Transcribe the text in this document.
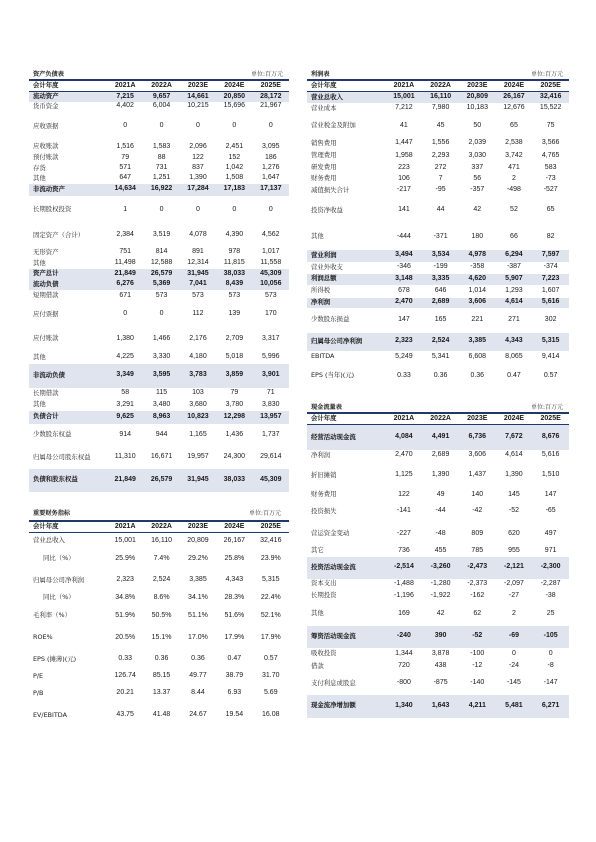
资产负债表	单位:百万元
会计年度	2021A	2022A	2023E	2024E	2025E
流动资产	7,215	9,657	14,661	20,850	28,172
货币资金	4,402	6,004	10,215	15,696	21,967
应收票据	0	0	0	0	0
应收账款	1,516	1,583	2,096	2,451	3,095
预付账款	79	88	122	152	186
存货	571	731	837	1,042	1,276
其他	647	1,251	1,390	1,508	1,647
非流动资产	14,634	16,922	17,284	17,183	17,137
长期股权投资	1	0	0	0	0
固定资产（合计）	2,384	3,519	4,078	4,390	4,562
无形资产	751	814	891	978	1,017
其他	11,498	12,588	12,314	11,815	11,558
资产总计	21,849	26,579	31,945	38,033	45,309
流动负债	6,276	5,369	7,041	8,439	10,056
短期借款	671	573	573	573	573
应付票据	0	0	112	139	170
应付账款	1,380	1,466	2,176	2,709	3,317
其他	4,225	3,330	4,180	5,018	5,996
非流动负债	3,349	3,595	3,783	3,859	3,901
长期借款	58	115	103	79	71
其他	3,291	3,480	3,680	3,780	3,830
负债合计	9,625	8,963	10,823	12,298	13,957
少数股东权益	914	944	1,165	1,436	1,737
归属母公司股东权益	11,310	16,671	19,957	24,300	29,614
负债和股东权益	21,849	26,579	31,945	38,033	45,309
重要财务指标	单位:百万元
会计年度	2021A	2022A	2023E	2024E	2025E
营业总收入	15,001	16,110	20,809	26,167	32,416
同比（%）	25.9%	7.4%	29.2%	25.8%	23.9%
归属母公司净利润	2,323	2,524	3,385	4,343	5,315
同比（%）	34.8%	8.6%	34.1%	28.3%	22.4%
毛利率（%）	51.9%	50.5%	51.1%	51.6%	52.1%
ROE%	20.5%	15.1%	17.0%	17.9%	17.9%
EPS (摊薄)(元)	0.33	0.36	0.36	0.47	0.57
P/E	126.74	85.15	49.77	38.79	31.70
P/B	20.21	13.37	8.44	6.93	5.69
EV/EBITDA	43.75	41.48	24.67	19.54	16.08
利润表	单位:百万元
会计年度	2021A	2022A	2023E	2024E	2025E
营业总收入	15,001	16,110	20,809	26,167	32,416
营业成本	7,212	7,980	10,183	12,676	15,522
营业税金及附加	41	45	50	65	75
销售费用	1,447	1,556	2,039	2,538	3,566
管理费用	1,958	2,293	3,030	3,742	4,765
研发费用	223	272	337	471	583
财务费用	106	7	56	2	-73
减值损失合计	-217	-95	-357	-498	-527
投资净收益	141	44	42	52	65
其他	-444	-371	180	66	82
营业利润	3,494	3,534	4,978	6,294	7,597
营业外收支	-346	-199	-358	-387	-374
利润总额	3,148	3,335	4,620	5,907	7,223
所得税	678	646	1,014	1,293	1,607
净利润	2,470	2,689	3,606	4,614	5,616
少数股东损益	147	165	221	271	302
归属母公司净利润	2,323	2,524	3,385	4,343	5,315
EBITDA	5,249	5,341	6,608	8,065	9,414
EPS (当年)(元)	0.33	0.36	0.36	0.47	0.57
现金流量表	单位:百万元
会计年度	2021A	2022A	2023E	2024E	2025E
经营活动现金流	4,084	4,491	6,736	7,672	8,676
净利润	2,470	2,689	3,606	4,614	5,616
折旧摊销	1,125	1,390	1,437	1,390	1,510
财务费用	122	49	140	145	147
投资损失	-141	-44	-42	-52	-65
营运资金变动	-227	-48	809	620	497
其它	736	455	785	955	971
投资活动现金流	-2,514	-3,260	-2,473	-2,121	-2,300
资本支出	-1,488	-1,280	-2,373	-2,097	-2,287
长期投资	-1,196	-1,922	-162	-27	-38
其他	169	42	62	2	25
筹资活动现金流	-240	390	-52	-69	-105
吸收投资	1,344	3,878	-100	0	0
借款	720	438	-12	-24	-8
支付利息或股息	-800	-875	-140	-145	-147
现金流净增加额	1,340	1,643	4,211	5,481	6,271
